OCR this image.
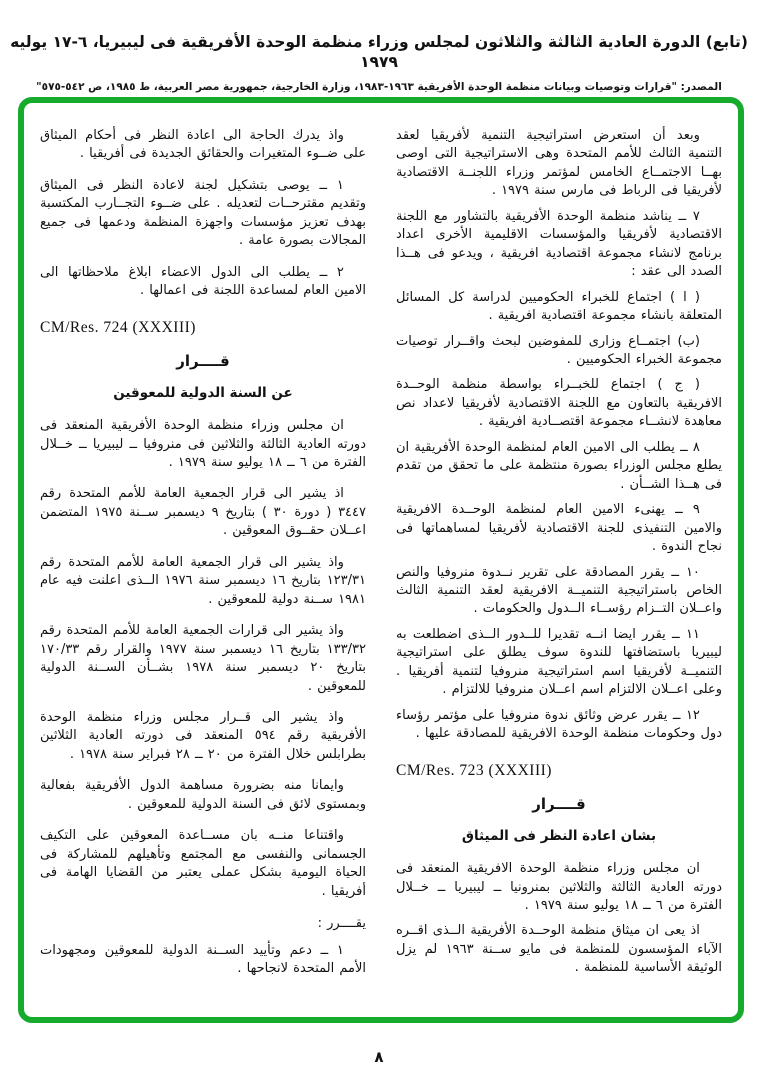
(تابع) الدورة العادية الثالثة والثلاثون لمجلس وزراء منظمة الوحدة الأفريقية فى ليبيريا، ٦-١٧ يوليه ١٩٧٩
المصدر: "قرارات وتوصيات وبيانات منظمة الوحدة الأفريقية ١٩٦٣-١٩٨٣، وزارة الخارجية، جمهورية مصر العربية، ط ١٩٨٥، ص ٥٤٢-٥٧٥"

وبعد أن استعرض استراتيجية التنمية لأفريقيا لعقد التنمية الثالث للأمم المتحدة وهى الاستراتيجية التى اوصى بهــا الاجتمــاع الخامس لمؤتمر وزراء اللجنــة الاقتصادية لأفريقيا فى الرباط فى مارس سنة ١٩٧٩ .

٧ ــ يناشد منظمة الوحدة الأفريقية بالتشاور مع اللجنة الاقتصادية لأفريقيا والمؤسسات الاقليمية الأخرى اعداد برنامج لانشاء مجموعة اقتصادية افريقية ، ويدعو فى هــذا الصدد الى عقد :

( ا ) اجتماع للخبراء الحكوميين لدراسة كل المسائل المتعلقة بانشاء مجموعة اقتصادية افريقية .

(ب) اجتمــاع وزارى للمفوضين لبحث واقــرار توصيات مجموعة الخبراء الحكوميين .

( ج ) اجتماع للخبــراء بواسطة منظمة الوحــدة الافريقية بالتعاون مع اللجنة الاقتصادية لأفريقيا لاعداد نص معاهدة لانشــاء مجموعة اقتصــادية افريقية .

٨ ــ يطلب الى الامين العام لمنظمة الوحدة الأفريقية ان يطلع مجلس الوزراء بصورة منتظمة على ما تحقق من تقدم فى هــذا الشــأن .

٩ ــ يهنىء الامين العام لمنظمة الوحــدة الافريقية والامين التنفيذى للجنة الاقتصادية لأفريقيا لمساهماتها فى نجاح الندوة .

١٠ ــ يقرر المصادقة على تقرير نــدوة منروفيا والنص الخاص باستراتيجية التنميــة الافريقية لعقد التنمية الثالث واعــلان التــزام رؤســاء الــدول والحكومات .

١١ ــ يقرر ايضا انــه تقديرا للــدور الــذى اضطلعت به ليبيريا باستضافتها للندوة سوف يطلق على استراتيجية التنميــة لأفريقيا اسم استراتيجية منروفيا لتنمية أفريقيا . وعلى اعــلان الالتزام اسم اعــلان منروفيا للالتزام .

١٢ ــ يقرر عرض وثائق ندوة منروفيا على مؤتمر رؤساء دول وحكومات منظمة الوحدة الافريقية للمصادقة عليها .

CM/Res. 723 (XXXIII)

قــــرار

بشان اعادة النظر فى الميثاق

ان مجلس وزراء منظمة الوحدة الافريقية المنعقد فى دورته العادية الثالثة والثلاثين بمنرونيا ــ ليبيريا ــ خــلال الفترة من ٦ ــ ١٨ يوليو سنة ١٩٧٩ .

اذ يعى ان ميثاق منظمة الوحــدة الأفريقية الــذى اقــره الآباء المؤسسون للمنظمة فى مايو ســنة ١٩٦٣ لم يزل الوثيقة الأساسية للمنظمة .

واذ يدرك الحاجة الى اعادة النظر فى أحكام الميثاق على ضــوء المتغيرات والحقائق الجديدة فى أفريقيا .

١ ــ يوصى بتشكيل لجنة لاعادة النظر فى الميثاق وتقديم مقترحــات لتعديله . على ضــوء التجــارب المكتسبة بهدف تعزيز مؤسسات واجهزة المنظمة ودعمها فى جميع المجالات بصورة عامة .

٢ ــ يطلب الى الدول الاعضاء ابلاغ ملاحظاتها الى الامين العام لمساعدة اللجنة فى اعمالها .

CM/Res. 724 (XXXIII)

قــــرار

عن السنة الدولية للمعوقين

ان مجلس وزراء منظمة الوحدة الأفريقية المنعقد فى دورته العادية الثالثة والثلاثين فى منروفيا ــ ليبيريا ــ خــلال الفترة من ٦ ــ ١٨ يوليو سنة ١٩٧٩ .

اذ يشير الى قرار الجمعية العامة للأمم المتحدة رقم ٣٤٤٧ ( دورة ٣٠ ) بتاريخ ٩ ديسمبر ســنة ١٩٧٥ المتضمن اعــلان حقــوق المعوقين .

واذ يشير الى قرار الجمعية العامة للأمم المتحدة رقم ١٢٣/٣١ بتاريخ ١٦ ديسمبر سنة ١٩٧٦ الــذى اعلنت فيه عام ١٩٨١ ســنة دولية للمعوقين .

واذ يشير الى قرارات الجمعية العامة للأمم المتحدة رقم ١٣٣/٣٢ بتاريخ ١٦ ديسمبر سنة ١٩٧٧ والقرار رقم ١٧٠/٣٣ بتاريخ ٢٠ ديسمبر سنة ١٩٧٨ بشــأن الســنة الدولية للمعوقين .

واذ يشير الى قــرار مجلس وزراء منظمة الوحدة الأفريقية رقم ٥٩٤ المنعقد فى دورته العادية الثلاثين بطرابلس خلال الفترة من ٢٠ ــ ٢٨ فبراير سنة ١٩٧٨ .

وايمانا منه بضرورة مساهمة الدول الأفريقية بفعالية وبمستوى لائق فى السنة الدولية للمعوقين .

واقتناعا منــه بان مســاعدة المعوقين على التكيف الجسمانى والنفسى مع المجتمع وتأهيلهم للمشاركة فى الحياة اليومية بشكل عملى يعتبر من القضايا الهامة فى أفريقيا .

يقــــرر :

١ ــ دعم وتأييد الســنة الدولية للمعوقين ومجهودات الأمم المتحدة لانجاحها .

٨
